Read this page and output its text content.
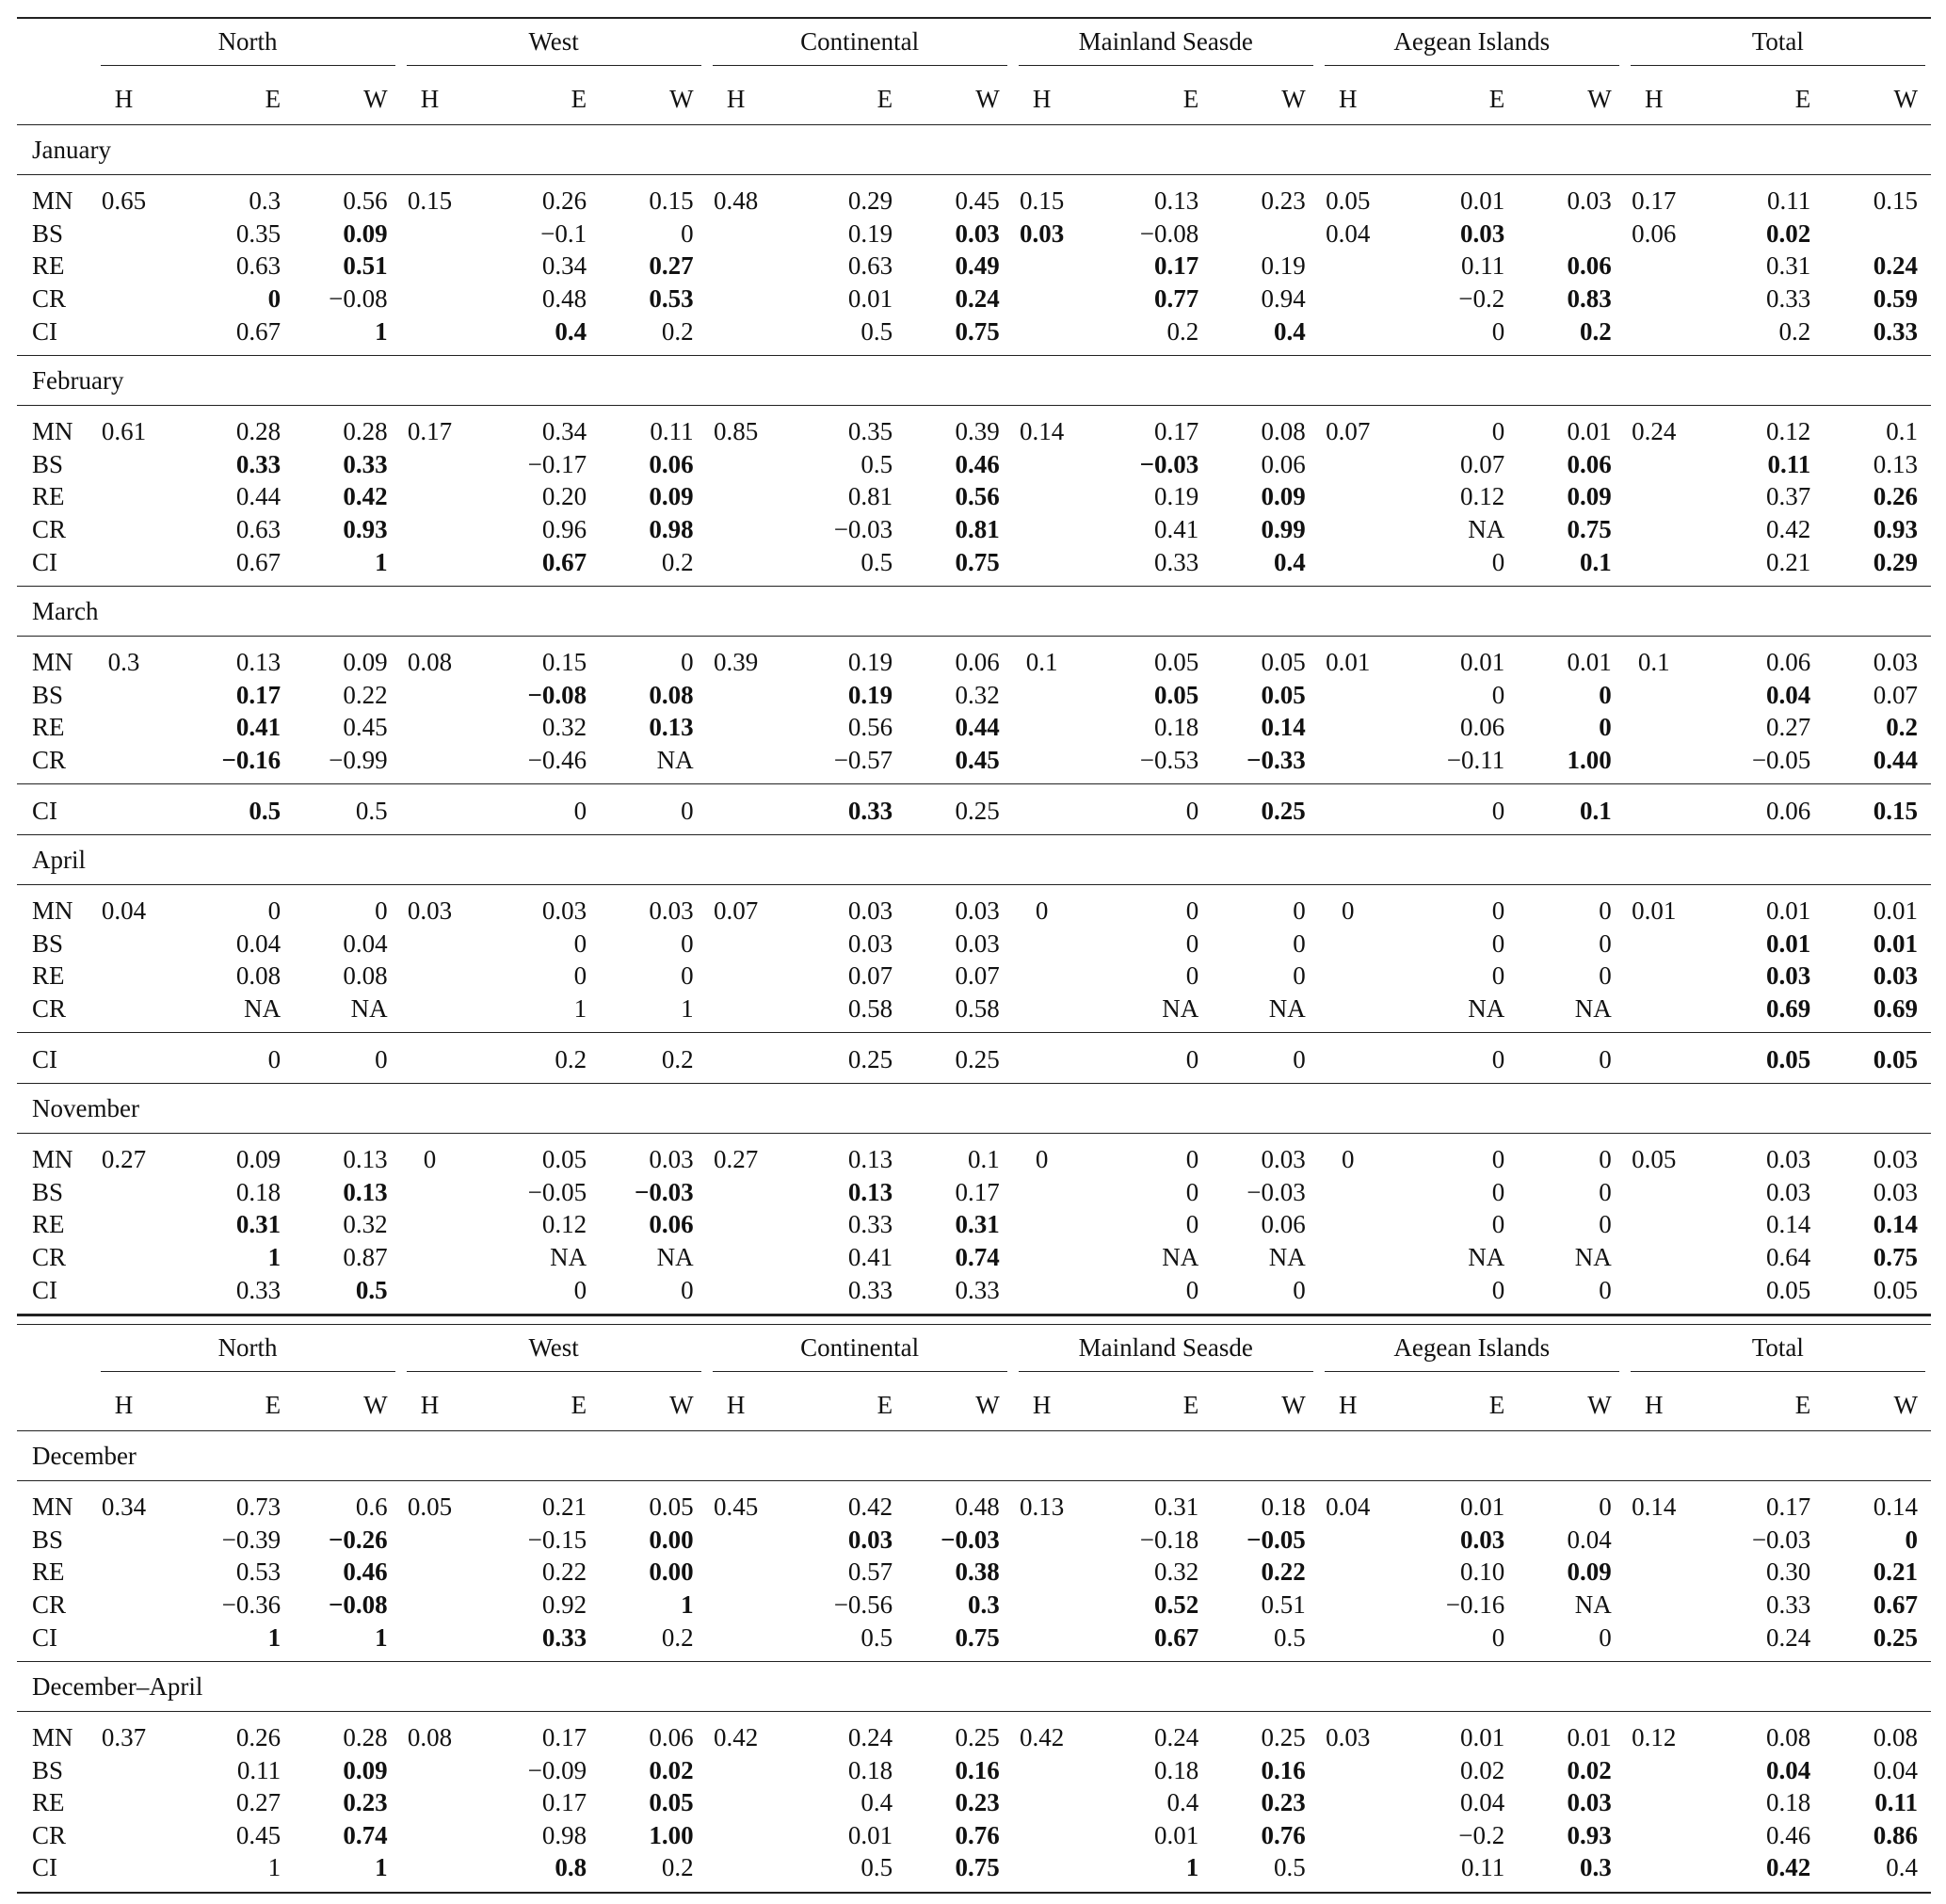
	North			West			Continental			Mainland Seasde			Aegean Islands			Total		

	H	E	W	H	E	W	H	E	W	H	E	W	H	E	W	H	E	W
January																		
MN	0.65	0.3	0.56	0.15	0.26	0.15	0.48	0.29	0.45	0.15	0.13	0.23	0.05	0.01	0.03	0.17	0.11	0.15
BS		0.35	0.09		−0.1	0		0.19	0.03	0.03	−0.08		0.04	0.03		0.06	0.02	
RE		0.63	0.51		0.34	0.27		0.63	0.49		0.17	0.19		0.11	0.06		0.31	0.24
CR		0	−0.08		0.48	0.53		0.01	0.24		0.77	0.94		−0.2	0.83		0.33	0.59
CI		0.67	1		0.4	0.2		0.5	0.75		0.2	0.4		0	0.2		0.2	0.33
February																		
MN	0.61	0.28	0.28	0.17	0.34	0.11	0.85	0.35	0.39	0.14	0.17	0.08	0.07	0	0.01	0.24	0.12	0.1
BS		0.33	0.33		−0.17	0.06		0.5	0.46		−0.03	0.06		0.07	0.06		0.11	0.13
RE		0.44	0.42		0.20	0.09		0.81	0.56		0.19	0.09		0.12	0.09		0.37	0.26
CR		0.63	0.93		0.96	0.98		−0.03	0.81		0.41	0.99		NA	0.75		0.42	0.93
CI		0.67	1		0.67	0.2		0.5	0.75		0.33	0.4		0	0.1		0.21	0.29
March																		
MN	0.3	0.13	0.09	0.08	0.15	0	0.39	0.19	0.06	0.1	0.05	0.05	0.01	0.01	0.01	0.1	0.06	0.03
BS		0.17	0.22		−0.08	0.08		0.19	0.32		0.05	0.05		0	0		0.04	0.07
RE		0.41	0.45		0.32	0.13		0.56	0.44		0.18	0.14		0.06	0		0.27	0.2
CR		−0.16	−0.99		−0.46	NA		−0.57	0.45		−0.53	−0.33		−0.11	1.00		−0.05	0.44
CI		0.5	0.5		0	0		0.33	0.25		0	0.25		0	0.1		0.06	0.15
April																		
MN	0.04	0	0	0.03	0.03	0.03	0.07	0.03	0.03	0	0	0	0	0	0	0.01	0.01	0.01
BS		0.04	0.04		0	0		0.03	0.03		0	0		0	0		0.01	0.01
RE		0.08	0.08		0	0		0.07	0.07		0	0		0	0		0.03	0.03
CR		NA	NA		1	1		0.58	0.58		NA	NA		NA	NA		0.69	0.69
CI		0	0		0.2	0.2		0.25	0.25		0	0		0	0		0.05	0.05
November																		
MN	0.27	0.09	0.13	0	0.05	0.03	0.27	0.13	0.1	0	0	0.03	0	0	0	0.05	0.03	0.03
BS		0.18	0.13		−0.05	−0.03		0.13	0.17		0	−0.03		0	0		0.03	0.03
RE		0.31	0.32		0.12	0.06		0.33	0.31		0	0.06		0	0		0.14	0.14
CR		1	0.87		NA	NA		0.41	0.74		NA	NA		NA	NA		0.64	0.75
CI		0.33	0.5		0	0		0.33	0.33		0	0		0	0		0.05	0.05

	North			West			Continental			Mainland Seasde			Aegean Islands			Total		

	H	E	W	H	E	W	H	E	W	H	E	W	H	E	W	H	E	W
December																		
MN	0.34	0.73	0.6	0.05	0.21	0.05	0.45	0.42	0.48	0.13	0.31	0.18	0.04	0.01	0	0.14	0.17	0.14
BS		−0.39	−0.26		−0.15	0.00		0.03	−0.03		−0.18	−0.05		0.03	0.04		−0.03	0
RE		0.53	0.46		0.22	0.00		0.57	0.38		0.32	0.22		0.10	0.09		0.30	0.21
CR		−0.36	−0.08		0.92	1		−0.56	0.3		0.52	0.51		−0.16	NA		0.33	0.67
CI		1	1		0.33	0.2		0.5	0.75		0.67	0.5		0	0		0.24	0.25
December–April																		
MN	0.37	0.26	0.28	0.08	0.17	0.06	0.42	0.24	0.25	0.42	0.24	0.25	0.03	0.01	0.01	0.12	0.08	0.08
BS		0.11	0.09		−0.09	0.02		0.18	0.16		0.18	0.16		0.02	0.02		0.04	0.04
RE		0.27	0.23		0.17	0.05		0.4	0.23		0.4	0.23		0.04	0.03		0.18	0.11
CR		0.45	0.74		0.98	1.00		0.01	0.76		0.01	0.76		−0.2	0.93		0.46	0.86
CI		1	1		0.8	0.2		0.5	0.75		1	0.5		0.11	0.3		0.42	0.4
